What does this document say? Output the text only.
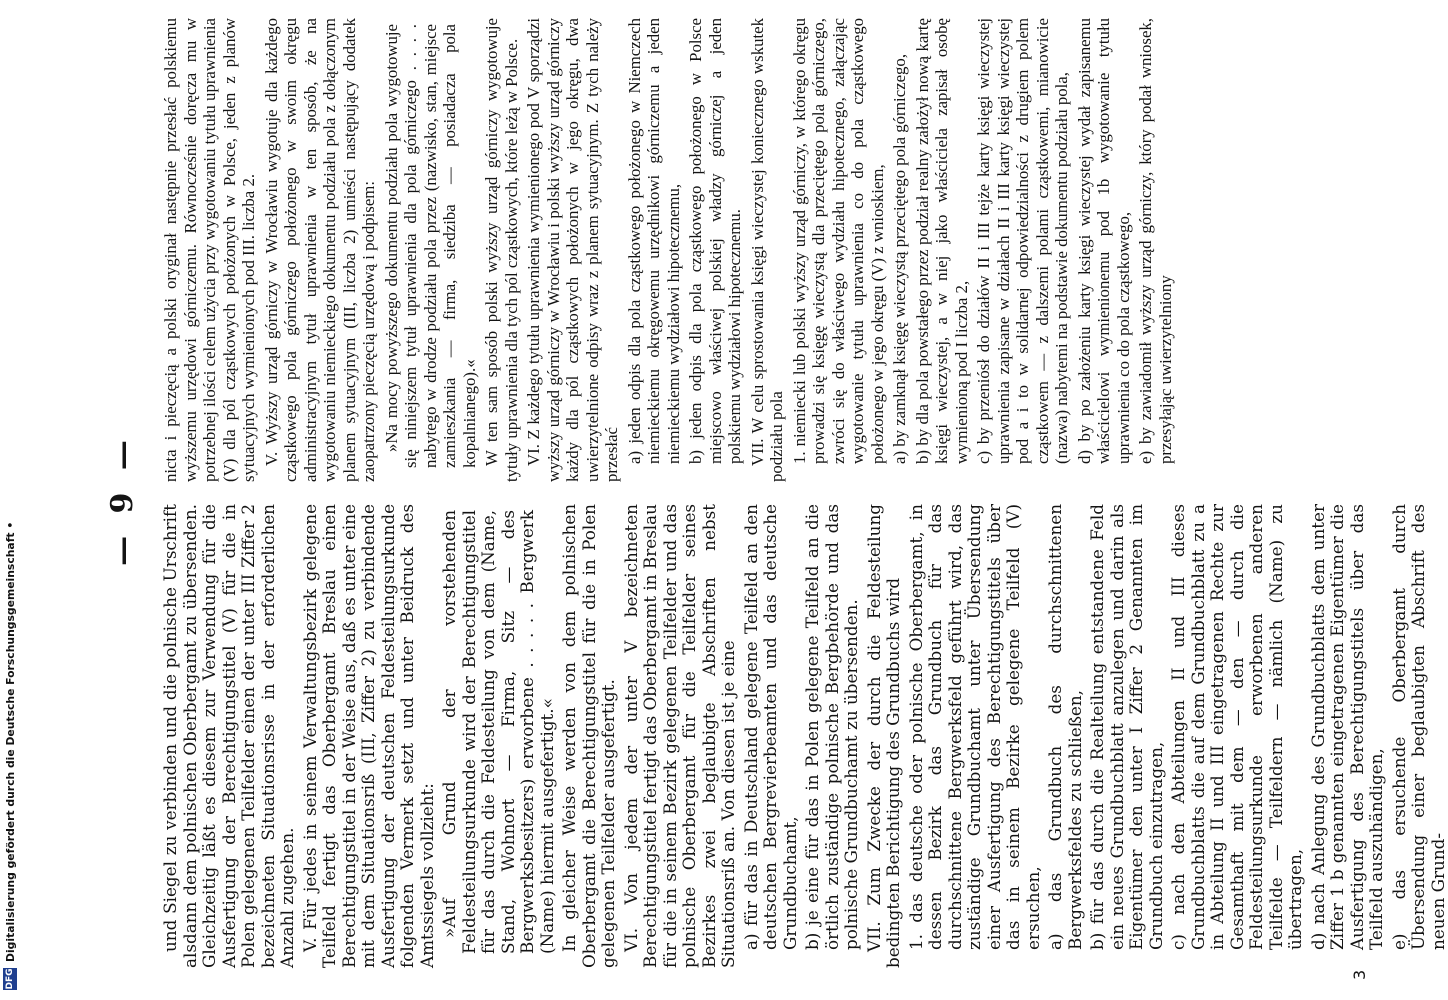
— 9 —

und Siegel zu verbinden und die polnische Urschrift alsdann dem polnischen Oberbergamt zu übersenden. Gleichzeitig läßt es diesem zur Verwendung für die Ausfertigung der Berechtigungstitel (V) für die in Polen gelegenen Teilfelder einen der unter III Ziffer 2 bezeichneten Situationsrisse in der erforderlichen Anzahl zugehen. V. Für jedes in seinem Verwaltungsbezirk gelegene Teilfeld fertigt das Oberbergamt Breslau einen Berechtigungstitel in der Weise aus, daß es unter eine mit dem Situationsriß (III, Ziffer 2) zu verbindende Ausfertigung der deutschen Feldesteilungsurkunde folgenden Vermerk setzt und unter Beidruck des Amtssiegels vollzieht: »Auf Grund der vorstehenden Feldesteilungsurkunde wird der Berechtigungstitel für das durch die Feldesteilung von dem (Name, Stand, Wohnort — Firma, Sitz — des Bergwerksbesitzers) erworbene . . . . . Bergwerk (Name) hiermit ausgefertigt.« In gleicher Weise werden von dem polnischen Oberbergamt die Berechtigungstitel für die in Polen gelegenen Teilfelder ausgefertigt. VI. Von jedem der unter V bezeichneten Berechtigungstitel fertigt das Oberbergamt in Breslau für die in seinem Bezirk gelegenen Teilfelder und das polnische Oberbergamt für die Teilfelder seines Bezirkes zwei beglaubigte Abschriften nebst Situationsriß an. Von diesen ist je eine a) für das in Deutschland gelegene Teilfeld an den deutschen Bergrevierbeamten und das deutsche Grundbuchamt, b) je eine für das in Polen gelegene Teilfeld an die örtlich zuständige polnische Bergbehörde und das polnische Grundbuchamt zu übersenden. VII. Zum Zwecke der durch die Feldesteilung bedingten Berichtigung des Grundbuchs wird 1. das deutsche oder polnische Oberbergamt, in dessen Bezirk das Grundbuch für das durchschnittene Bergwerksfeld geführt wird, das zuständige Grundbuchamt unter Übersendung einer Ausfertigung des Berechtigungstitels über das in seinem Bezirke gelegene Teilfeld (V) ersuchen, a) das Grundbuch des durchschnittenen Bergwerksfeldes zu schließen, b) für das durch die Realteilung entstandene Feld ein neues Grundbuchblatt anzulegen und darin als Eigentümer den unter I Ziffer 2 Genannten im Grundbuch einzutragen, c) nach den Abteilungen II und III dieses Grundbuchblatts die auf dem Grundbuchblatt zu a in Abteilung II und III eingetragenen Rechte zur Gesamthaft mit dem — den — durch die Feldesteilungsurkunde erworbenen anderen Teilfelde — Teilfeldern — nämlich (Name) zu übertragen, d) nach Anlegung des Grundbuchblatts dem unter Ziffer 1 b genannten eingetragenen Eigentümer die Ausfertigung des Berechtigungstitels über das Teilfeld auszuhändigen, e) das ersuchende Oberbergamt durch Übersendung einer beglaubigten Abschrift des neuen Grund-

nicta i pieczęcią a polski oryginał następnie przesłać polskiemu wyższemu urzędowi górniczemu. Równocześnie doręcza mu w potrzebnej ilości celem użycia przy wygotowaniu tytułu uprawnienia (V) dla pól cząstkowych położonych w Polsce, jeden z planów sytuacyjnych wymienionych pod III. liczba 2. V. Wyższy urząd górniczy w Wrocławiu wygotuje dla każdego cząstkowego pola górniczego położonego w swoim okręgu administracyjnym tytuł uprawnienia w ten sposób, że na wygotowaniu niemieckiego dokumentu podziału pola z dołączonym planem sytuacyjnym (III, liczba 2) umieści następujący dodatek zaopatrzony pieczęcią urzędową i podpisem: »Na mocy powyższego dokumentu podziału pola wygotowuje się niniejszem tytuł uprawnienia dla pola górniczego . . . . nabytego w drodze podziału pola przez (nazwisko, stan, miejsce zamieszkania — firma, siedziba — posiadacza pola kopalnianego).« W ten sam sposób polski wyższy urząd górniczy wygotowuje tytuły uprawnienia dla tych pól cząstkowych, które leżą w Polsce. VI. Z każdego tytułu uprawnienia wymienionego pod V sporządzi wyższy urząd górniczy w Wrocławiu i polski wyższy urząd górniczy każdy dla pól cząstkowych położonych w jego okręgu, dwa uwierzytelnione odpisy wraz z planem sytuacyjnym. Z tych należy przesłać a) jeden odpis dla pola cząstkowego położonego w Niemczech niemieckiemu okręgowemu urzędnikowi górniczemu a jeden niemieckiemu wydziałowi hipotecznemu, b) jeden odpis dla pola cząstkowego położonego w Polsce miejscowo właściwej polskiej władzy górniczej a jeden polskiemu wydziałowi hipotecznemu. VII. W celu sprostowania księgi wieczystej koniecznego wskutek podziału pola 1. niemiecki lub polski wyższy urząd górniczy, w którego okręgu prowadzi się księgę wieczystą dla przeciętego pola górniczego, zwróci się do właściwego wydziału hipotecznego, załączając wygotowanie tytułu uprawnienia co do pola cząstkowego położonego w jego okręgu (V) z wnioskiem, a) by zamknął księgę wieczystą przeciętego pola górniczego, b) by dla pola powstałego przez podział realny założył nową kartę księgi wieczystej, a w niej jako właściciela zapisał osobę wymienioną pod I liczba 2, c) by przeniósł do działów II i III tejże karty księgi wieczystej uprawnienia zapisane w działach II i III karty księgi wieczystej pod a i to w solidarnej odpowiedzialności z drugiem polem cząstkowem — z dalszemi polami cząstkowemi, mianowicie (nazwa) nabytemi na podstawie dokumentu podziału pola, d) by po założeniu karty księgi wieczystej wydał zapisanemu właścicielowi wymienionemu pod 1b wygotowanie tytułu uprawnienia co do pola cząstkowego, e) by zawiadomił wyższy urząd górniczy, który podał wniosek, przesyłając uwierzytelniony

3
DFG
Digitalisierung gefördert durch die Deutsche Forschungsgemeinschaft •
